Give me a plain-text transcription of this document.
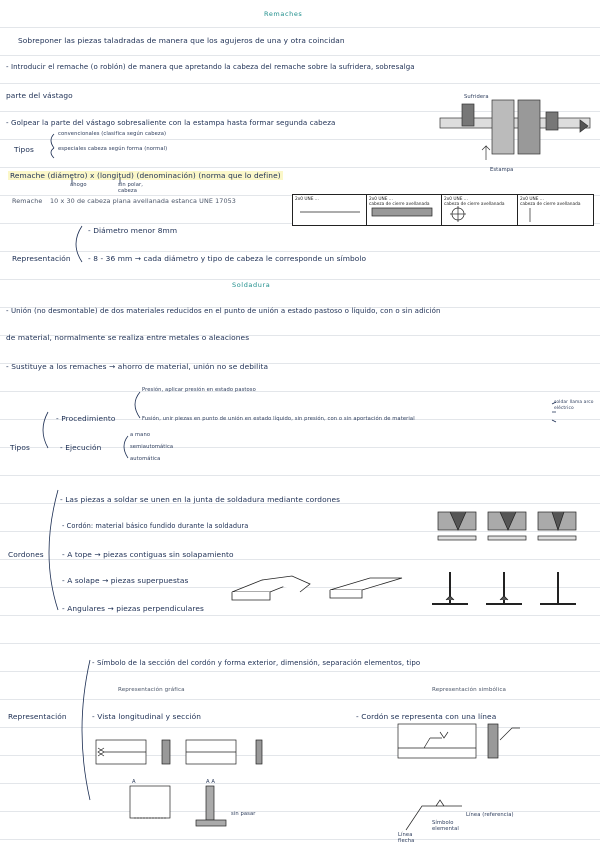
Remaches
Sobreponer las piezas taladradas de manera que los agujeros de una y otra coincidan
- Introducir el remache (o roblón) de manera que apretando la cabeza del remache sobre la sufridera, sobresalga
parte del vástago
- Golpear la parte del vástago sobresaliente con la estampa hasta formar segunda cabeza
Tipos
convencionales (clasifica según cabeza)
especiales cabeza según forma (normal)
Remache (diámetro) x (longitud) (denominación) (norma que lo define)
ahogo	sin polar, cabeza
Remache 10 x 30 de cabeza plana avellanada estanca UNE 17053
Representación
- Diámetro menor 8mm
- 8 - 36 mm → cada diámetro y tipo de cabeza le corresponde un símbolo
2x0 UNE ...	2x0 UNE ...
cabeza de cierre avellanada
2x0 UNE ...
cabeza de cierre avellanada
2x0 UNE ...
cabeza de cierre avellanada
Sufridera
Estampa
Soldadura
- Unión (no desmontable) de dos materiales reducidos en el punto de unión a estado pastoso o líquido, con o sin adición
de material, normalmente se realiza entre metales o aleaciones
- Sustituye a los remaches → ahorro de material, unión no se debilita
Tipos
- Procedimiento
Presión, aplicar presión en estado pastoso
Fusión, unir piezas en punto de unión en estado líquido, sin presión, con o sin aportación de material
soldar llama arco eléctrico
- Ejecución
a mano
semiautomática
automática
Cordones
- Las piezas a soldar se unen en la junta de soldadura mediante cordones
- Cordón: material básico fundido durante la soldadura
- A tope → piezas contiguas sin solapamiento
- A solape → piezas superpuestas
- Angulares → piezas perpendiculares
Representación
- Símbolo de la sección del cordón y forma exterior, dimensión, separación elementos, tipo
Representación gráfica	Representación simbólica
- Vista longitudinal y sección	- Cordón se representa con una línea
A	A A
sin pasar
Línea flecha
Símbolo elemental
Línea (referencia)
